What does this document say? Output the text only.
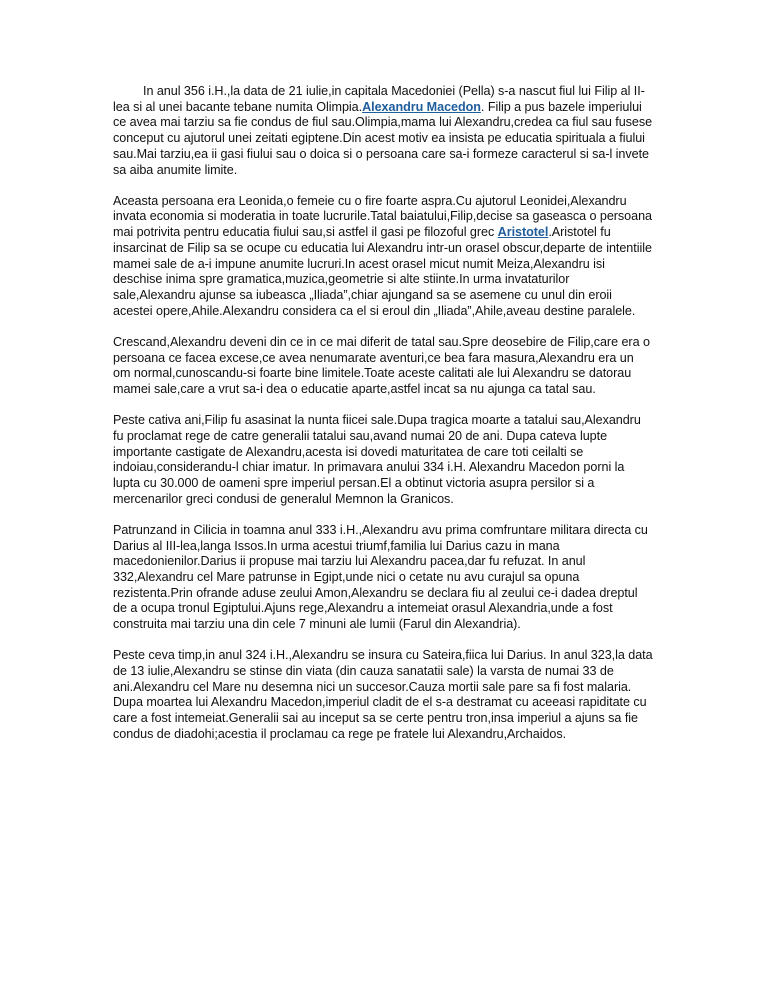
In anul 356 i.H.,la data de 21 iulie,in capitala Macedoniei (Pella) s-a nascut fiul lui Filip al II-lea si al unei bacante tebane numita Olimpia.Alexandru Macedon. Filip a pus bazele imperiului ce avea mai tarziu sa fie condus de fiul sau.Olimpia,mama lui Alexandru,credea ca fiul sau fusese conceput cu ajutorul unei zeitati egiptene.Din acest motiv ea insista pe educatia spirituala a fiului sau.Mai tarziu,ea ii gasi fiului sau o doica si o persoana care sa-i formeze caracterul si sa-l invete sa aiba anumite limite.

Aceasta persoana era Leonida,o femeie cu o fire foarte aspra.Cu ajutorul Leonidei,Alexandru invata economia si moderatia in toate lucrurile.Tatal baiatului,Filip,decise sa gaseasca o persoana mai potrivita pentru educatia fiului sau,si astfel il gasi pe filozoful grec Aristotel.Aristotel fu insarcinat de Filip sa se ocupe cu educatia lui Alexandru intr-un orasel obscur,departe de intentiile mamei sale de a-i impune anumite lucruri.In acest orasel micut numit Meiza,Alexandru isi deschise inima spre gramatica,muzica,geometrie si alte stiinte.In urma invataturilor sale,Alexandru ajunse sa iubeasca „Iliada”,chiar ajungand sa se asemene cu unul din eroii acestei opere,Ahile.Alexandru considera ca el si eroul din „Iliada”,Ahile,aveau destine paralele.

Crescand,Alexandru deveni din ce in ce mai diferit de tatal sau.Spre deosebire de Filip,care era o persoana ce facea excese,ce avea nenumarate aventuri,ce bea fara masura,Alexandru era un om normal,cunoscandu-si foarte bine limitele.Toate aceste calitati ale lui Alexandru se datorau mamei sale,care a vrut sa-i dea o educatie aparte,astfel incat sa nu ajunga ca tatal sau.

Peste cativa ani,Filip fu asasinat la nunta fiicei sale.Dupa tragica moarte a tatalui sau,Alexandru fu proclamat rege de catre generalii tatalui sau,avand numai 20 de ani. Dupa cateva lupte importante castigate de Alexandru,acesta isi dovedi maturitatea de care toti ceilalti se indoiau,considerandu-l chiar imatur. In primavara anului 334 i.H. Alexandru Macedon porni la lupta cu 30.000 de oameni spre imperiul persan.El a obtinut victoria asupra persilor si a mercenarilor greci condusi de generalul Memnon la Granicos.

Patrunzand in Cilicia in toamna anul 333 i.H.,Alexandru avu prima comfruntare militara directa cu Darius al III-lea,langa Issos.In urma acestui triumf,familia lui Darius cazu in mana macedonienilor.Darius ii propuse mai tarziu lui Alexandru pacea,dar fu refuzat. In anul 332,Alexandru cel Mare patrunse in Egipt,unde nici o cetate nu avu curajul sa opuna rezistenta.Prin ofrande aduse zeului Amon,Alexandru se declara fiu al zeului ce-i dadea dreptul de a ocupa tronul Egiptului.Ajuns rege,Alexandru a intemeiat orasul Alexandria,unde a fost construita mai tarziu una din cele 7 minuni ale lumii (Farul din Alexandria).

Peste ceva timp,in anul 324 i.H.,Alexandru se insura cu Sateira,fiica lui Darius. In anul 323,la data de 13 iulie,Alexandru se stinse din viata (din cauza sanatatii sale) la varsta de numai 33 de ani.Alexandru cel Mare nu desemna nici un succesor.Cauza mortii sale pare sa fi fost malaria. Dupa moartea lui Alexandru Macedon,imperiul cladit de el s-a destramat cu aceeasi rapiditate cu care a fost intemeiat.Generalii sai au inceput sa se certe pentru tron,insa imperiul a ajuns sa fie condus de diadohi;acestia il proclamau ca rege pe fratele lui Alexandru,Archaidos.
